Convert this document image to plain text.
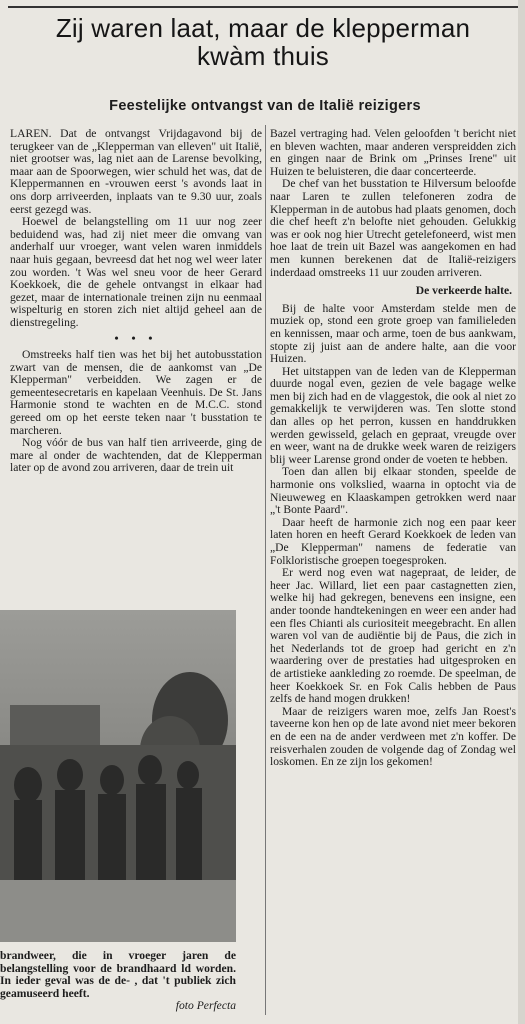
Zij waren laat, maar de klepperman
kwàm thuis
Feestelijke ontvangst van de Italië reizigers

LAREN. Dat de ontvangst Vrijdagavond bij de terugkeer van de „Klepperman van elleven" uit Italië, niet grootser was, lag niet aan de Larense bevolking, maar aan de Spoorwegen, wier schuld het was, dat de Kleppermannen en -vrouwen eerst 's avonds laat in ons dorp arriveerden, inplaats van te 9.30 uur, zoals eerst gezegd was.

Hoewel de belangstelling om 11 uur nog zeer beduidend was, had zij niet meer die omvang van anderhalf uur vroeger, want velen waren inmiddels naar huis gegaan, bevreesd dat het nog wel weer later zou worden. 't Was wel sneu voor de heer Gerard Koekkoek, die de gehele ontvangst in elkaar had gezet, maar de internationale treinen zijn nu eenmaal wispelturig en storen zich niet altijd geheel aan de dienstregeling.

• • •

Omstreeks half tien was het bij het autobusstation zwart van de mensen, die de aankomst van „De Klepperman" verbeidden. We zagen er de gemeentesecretaris en kapelaan Veenhuis. De St. Jans Harmonie stond te wachten en de M.C.C. stond gereed om op het eerste teken naar 't busstation te marcheren.

Nog vóór de bus van half tien arriveerde, ging de mare al onder de wachtenden, dat de Klepperman later op de avond zou arriveren, daar de trein uit

brandweer, die in vroeger jaren de belangstelling voor de brandhaard ld worden. In ieder geval was de de- , dat 't publiek zich geamuseerd heeft.
foto Perfecta

Bazel vertraging had. Velen geloofden 't bericht niet en bleven wachten, maar anderen verspreidden zich en gingen naar de Brink om „Prinses Irene" uit Huizen te beluisteren, die daar concerteerde.

De chef van het busstation te Hilversum beloofde naar Laren te zullen telefoneren zodra de Klepperman in de autobus had plaats genomen, doch die chef heeft z'n belofte niet gehouden. Gelukkig was er ook nog hier Utrecht getelefoneerd, wist men hoe laat de trein uit Bazel was aangekomen en had men kunnen berekenen dat de Italië-reizigers inderdaad omstreeks 11 uur zouden arriveren.

De verkeerde halte.

Bij de halte voor Amsterdam stelde men de muziek op, stond een grote groep van familieleden en kennissen, maar och arme, toen de bus aankwam, stopte zij juist aan de andere halte, aan die voor Huizen.

Het uitstappen van de leden van de Klepperman duurde nogal even, gezien de vele bagage welke men bij zich had en de vlaggestok, die ook al niet zo gemakkelijk te verwijderen was. Ten slotte stond dan alles op het perron, kussen en handdrukken werden gewisseld, gelach en gepraat, vreugde over en weer, want na de drukke week waren de reizigers blij weer Larense grond onder de voeten te hebben.

Toen dan allen bij elkaar stonden, speelde de harmonie ons volkslied, waarna in optocht via de Nieuweweg en Klaaskampen getrokken werd naar „'t Bonte Paard".

Daar heeft de harmonie zich nog een paar keer laten horen en heeft Gerard Koekkoek de leden van „De Klepperman" namens de federatie van Folkloristische groepen toegesproken.

Er werd nog even wat nagepraat, de leider, de heer Jac. Willard, liet een paar castagnetten zien, welke hij had gekregen, benevens een insigne, een ander toonde handtekeningen en weer een ander had een fles Chianti als curiositeit meegebracht. En allen waren vol van de audiëntie bij de Paus, die zich in het Nederlands tot de groep had gericht en z'n waardering over de prestaties had uitgesproken en de artistieke aankleding zo roemde. De speelman, de heer Koekkoek Sr. en Fok Calis hebben de Paus zelfs de hand mogen drukken!

Maar de reizigers waren moe, zelfs Jan Roest's taveerne kon hen op de late avond niet meer bekoren en de een na de ander verdween met z'n koffer. De reisverhalen zouden de volgende dag of Zondag wel loskomen. En ze zijn los gekomen!
